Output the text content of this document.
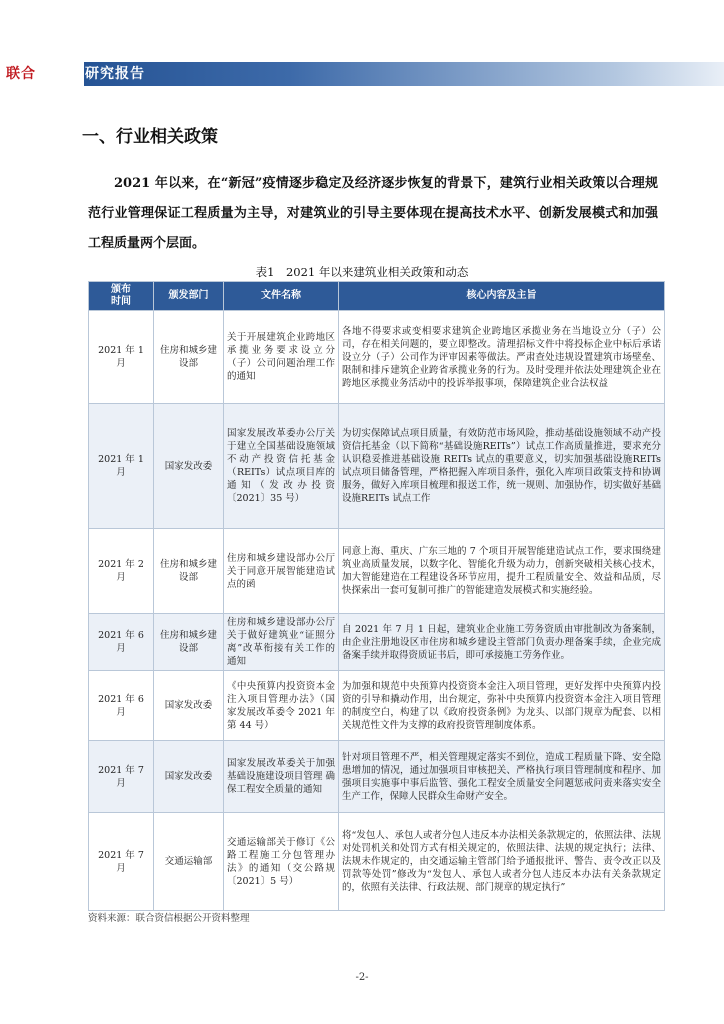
联合	研究报告
一、行业相关政策

2021 年以来，在“新冠”疫情逐步稳定及经济逐步恢复的背景下，建筑行业相关政策以合理规范行业管理保证工程质量为主导，对建筑业的引导主要体现在提高技术水平、创新发展模式和加强工程质量两个层面。

表1　2021 年以来建筑业相关政策和动态
颁布
时间	颁发部门	文件名称	核心内容及主旨
2021 年 1 月	住房和城乡建设部	关于开展建筑企业跨地区承揽业务要求设立分（子）公司问题治理工作的通知	各地不得要求或变相要求建筑企业跨地区承揽业务在当地设立分（子）公司，存在相关问题的，要立即整改。清理招标文件中将投标企业中标后承诺设立分（子）公司作为评审因素等做法。严肃查处违规设置建筑市场壁垒、限制和排斥建筑企业跨省承揽业务的行为。及时受理并依法处理建筑企业在跨地区承揽业务活动中的投诉举报事项，保障建筑企业合法权益
2021 年 1 月	国家发改委	国家发展改革委办公厅关于建立全国基础设施领域不动产投资信托基金（REITs）试点项目库的通知（发改办投资〔2021〕35 号）	为切实保障试点项目质量，有效防范市场风险，推动基础设施领域不动产投资信托基金（以下简称“基础设施REITs”）试点工作高质量推进，要求充分认识稳妥推进基础设施 REITs 试点的重要意义，切实加强基础设施REITs 试点项目储备管理，严格把握入库项目条件，强化入库项目政策支持和协调服务，做好入库项目梳理和报送工作，统一规则、加强协作，切实做好基础设施REITs 试点工作
2021 年 2 月	住房和城乡建设部	住房和城乡建设部办公厅关于同意开展智能建造试点的函	同意上海、重庆、广东三地的 7 个项目开展智能建造试点工作，要求围绕建筑业高质量发展，以数字化、智能化升级为动力，创新突破相关核心技术，加大智能建造在工程建设各环节应用，提升工程质量安全、效益和品质，尽快探索出一套可复制可推广的智能建造发展模式和实施经验。
2021 年 6 月	住房和城乡建设部	住房和城乡建设部办公厅关于做好建筑业“证照分离”改革衔接有关工作的通知	自 2021 年 7 月 1 日起，建筑业企业施工劳务资质由审批制改为备案制，由企业注册地设区市住房和城乡建设主管部门负责办理备案手续，企业完成备案手续并取得资质证书后，即可承接施工劳务作业。
2021 年 6 月	国家发改委	《中央预算内投资资本金注入项目管理办法》（国家发展改革委令 2021 年第 44 号）	为加强和规范中央预算内投资资本金注入项目管理，更好发挥中央预算内投资的引导和撬动作用，出台规定，弥补中央预算内投资资本金注入项目管理的制度空白，构建了以《政府投资条例》为龙头、以部门规章为配套、以相关规范性文件为支撑的政府投资管理制度体系。
2021 年 7 月	国家发改委	国家发展改革委关于加强基础设施建设项目管理 确保工程安全质量的通知	针对项目管理不严，相关管理规定落实不到位，造成工程质量下降、安全隐患增加的情况，通过加强项目审核把关、严格执行项目管理制度和程序、加强项目实施事中事后监管、强化工程安全质量安全问题惩戒问责来落实安全生产工作，保障人民群众生命财产安全。
2021 年 7 月	交通运输部	交通运输部关于修订《公路工程施工分包管理办法》的通知（交公路规〔2021〕5 号）	将“发包人、承包人或者分包人违反本办法相关条款规定的，依照法律、法规对处罚机关和处罚方式有相关规定的，依照法律、法规的规定执行；法律、法规未作规定的，由交通运输主管部门给予通报批评、警告、责令改正以及罚款等处罚”修改为“发包人、承包人或者分包人违反本办法有关条款规定的，依照有关法律、行政法规、部门规章的规定执行”
资料来源：联合资信根据公开资料整理
-2-
